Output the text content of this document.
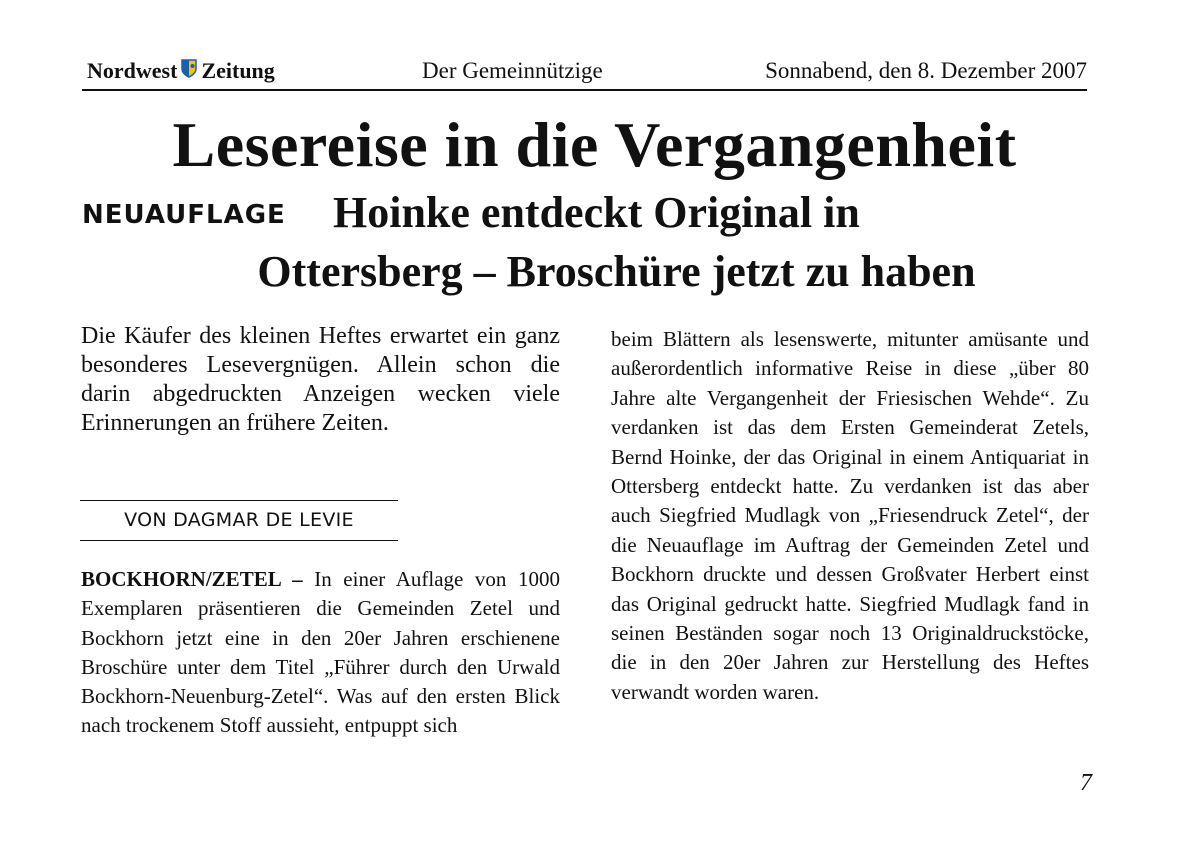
Nordwest Zeitung	Der Gemeinnützige	Sonnabend, den 8. Dezember 2007
Lesereise in die Vergangenheit
NEUAUFLAGE Hoinke entdeckt Original in
Ottersberg – Broschüre jetzt zu haben
Die Käufer des kleinen Heftes erwartet ein ganz besonderes Lesevergnügen. Allein schon die darin abgedruckten Anzeigen wecken viele Erinnerungen an frühere Zeiten.
VON DAGMAR DE LEVIE
BOCKHORN/ZETEL – In einer Auflage von 1000 Exemplaren präsentieren die Gemeinden Zetel und Bockhorn jetzt eine in den 20er Jahren erschienene Broschüre unter dem Titel „Führer durch den Urwald Bockhorn-Neuenburg-Zetel“. Was auf den ersten Blick nach trockenem Stoff aussieht, entpuppt sich
beim Blättern als lesenswerte, mitunter amüsante und außerordentlich informative Reise in diese „über 80 Jahre alte Vergangenheit der Friesischen Wehde“. Zu verdanken ist das dem Ersten Gemeinderat Zetels, Bernd Hoinke, der das Original in einem Antiquariat in Ottersberg entdeckt hatte. Zu verdanken ist das aber auch Siegfried Mudlagk von „Friesendruck Zetel“, der die Neuauflage im Auftrag der Gemeinden Zetel und Bockhorn druckte und dessen Großvater Herbert einst das Original gedruckt hatte. Siegfried Mudlagk fand in seinen Beständen sogar noch 13 Originaldruckstöcke, die in den 20er Jahren zur Herstellung des Heftes verwandt worden waren.
7
